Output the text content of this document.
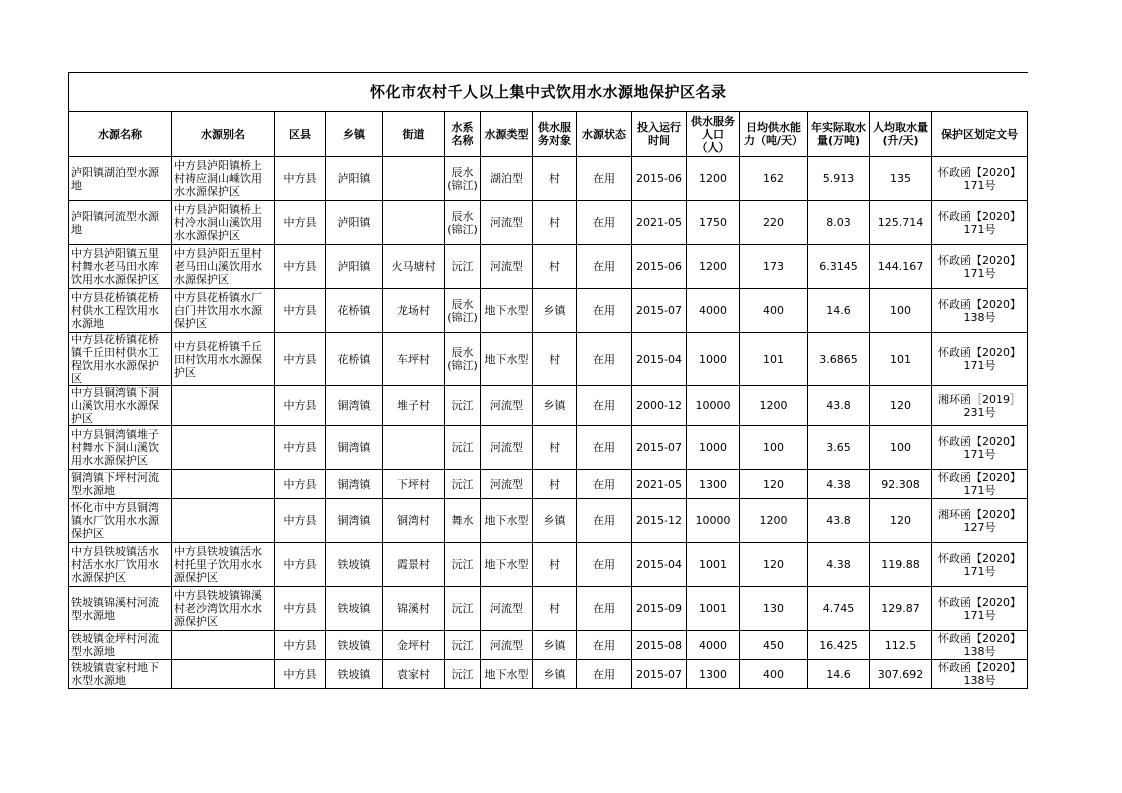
怀化市农村千人以上集中式饮用水水源地保护区名录														
水源名称	水源别名	区县	乡镇	街道	水系名称	水源类型	供水服务对象	水源状态	投入运行时间	供水服务人口（人）	日均供水能力（吨/天）	年实际取水量(万吨)	人均取水量(升/天)	保护区划定文号
泸阳镇湖泊型水源地	中方县泸阳镇桥上村祷应洞山嵊饮用水水源保护区	中方县	泸阳镇		辰水(锦江)	湖泊型	村	在用	2015-06	1200	162	5.913	135	怀政函【2020】171号
泸阳镇河流型水源地	中方县泸阳镇桥上村冷水洞山溪饮用水水源保护区	中方县	泸阳镇		辰水(锦江)	河流型	村	在用	2021-05	1750	220	8.03	125.714	怀政函【2020】171号
中方县泸阳镇五里村舞水老马田水库饮用水水源保护区	中方县泸阳五里村老马田山溪饮用水水源保护区	中方县	泸阳镇	火马塘村	沅江	河流型	村	在用	2015-06	1200	173	6.3145	144.167	怀政函【2020】171号
中方县花桥镇花桥村供水工程饮用水水源地	中方县花桥镇水厂白门井饮用水水源保护区	中方县	花桥镇	龙场村	辰水(锦江)	地下水型	乡镇	在用	2015-07	4000	400	14.6	100	怀政函【2020】138号
中方县花桥镇花桥镇千丘田村供水工程饮用水水源保护区	中方县花桥镇千丘田村饮用水水源保护区	中方县	花桥镇	车坪村	辰水(锦江)	地下水型	村	在用	2015-04	1000	101	3.6865	101	怀政函【2020】171号
中方县铜湾镇下洞山溪饮用水水源保护区		中方县	铜湾镇	堆子村	沅江	河流型	乡镇	在用	2000-12	10000	1200	43.8	120	湘环函［2019］231号
中方县铜湾镇堆子村舞水下洞山溪饮用水水源保护区		中方县	铜湾镇		沅江	河流型	村	在用	2015-07	1000	100	3.65	100	怀政函【2020】171号
铜湾镇下坪村河流型水源地		中方县	铜湾镇	下坪村	沅江	河流型	村	在用	2021-05	1300	120	4.38	92.308	怀政函【2020】171号
怀化市中方县铜湾镇水厂饮用水水源保护区		中方县	铜湾镇	铜湾村	舞水	地下水型	乡镇	在用	2015-12	10000	1200	43.8	120	湘环函【2020】127号
中方县铁坡镇活水村活水水厂饮用水水源保护区	中方县铁坡镇活水村托里子饮用水水源保护区	中方县	铁坡镇	霞景村	沅江	地下水型	村	在用	2015-04	1001	120	4.38	119.88	怀政函【2020】171号
铁坡镇锦溪村河流型水源地	中方县铁坡镇锦溪村老沙湾饮用水水源保护区	中方县	铁坡镇	锦溪村	沅江	河流型	村	在用	2015-09	1001	130	4.745	129.87	怀政函【2020】171号
铁坡镇金坪村河流型水源地		中方县	铁坡镇	金坪村	沅江	河流型	乡镇	在用	2015-08	4000	450	16.425	112.5	怀政函【2020】138号
铁坡镇袁家村地下水型水源地		中方县	铁坡镇	袁家村	沅江	地下水型	乡镇	在用	2015-07	1300	400	14.6	307.692	怀政函【2020】138号
